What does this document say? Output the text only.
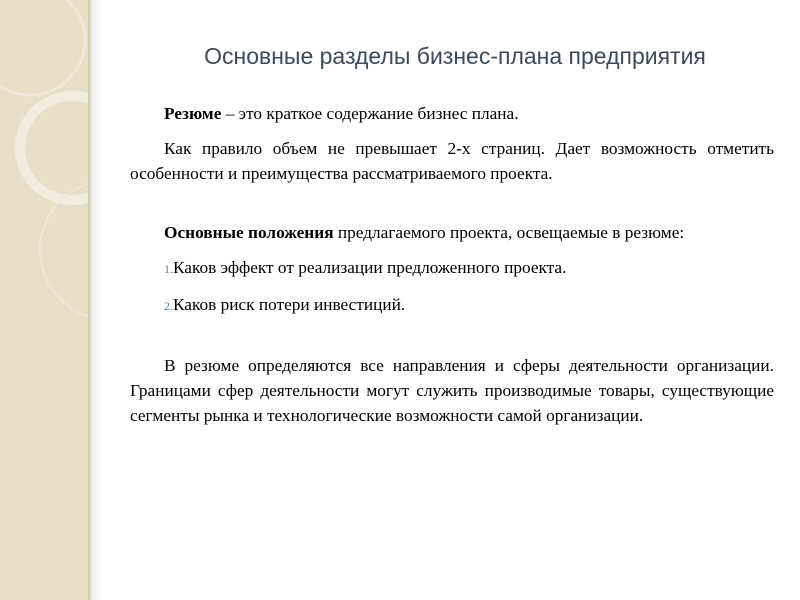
Основные разделы бизнес-плана предприятия

Резюме – это краткое содержание бизнес плана.

Как правило объем не превышает 2-х страниц. Дает возможность отметить особенности и преимущества рассматриваемого проекта.

Основные положения предлагаемого проекта, освещаемые в резюме:

1.Каков эффект от реализации предложенного проекта.

2.Каков риск потери инвестиций.

В резюме определяются все направления и сферы деятельности организации. Границами сфер деятельности могут служить производимые товары, существующие сегменты рынка и технологические возможности самой организации.
